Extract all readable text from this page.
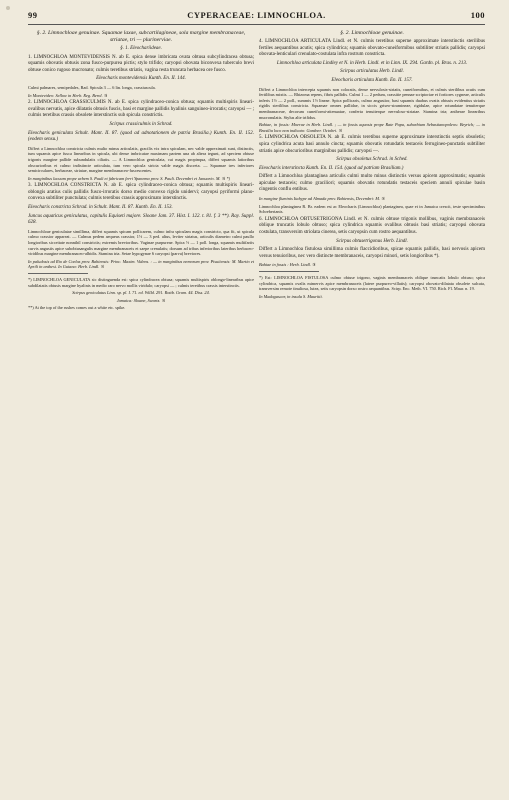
99	CYPERACEAE: LIMNOCHLOA.	100

§. 2. Limnochloae genuinae. Squamae laxae, subcartilagineae, sola margine membranaceae, striatae, tri — plurinerviae.

§. 1. Eleochariideae.

1. LIMNOCHLOA MONTEVIDENSIS N. ab E. spica dense imbricata ovata obtusa subcylindracea obtusa; squamis obovatis obtusis zona fusco-purpurea pictis; stylo trifido; caryopsi obovata biconvexa tuberculo brevi obtuse conico rugoso mucronato; culmis teretibus striatis, vagina resta truncata herbacea ore fusco.

Eleocharis montevidensis Kunth. En. II. 144.

Culmi palmares, semipedales, Rad. Spicula 3 — 6 lin. longa, crassiuscula.

In Montevideo: Sellow in Herb. Reg. Berol. ♃

2. LIMNOCHLOA CRASSICULMIS N. ab E. spica cylindraceo-conica obtusa; squamis multispiris lineari-ovalibus nervatis, apice dilatatis obtusis fuscis, basi et margine pallidis hyalinis sanguineo-irroratis; caryopsi — ; culmis teretibus crassis obsolete interstinctis sub spicula constrictis.

Scirpus crassiculmis in Schrad.

Eleocharis geniculata Schult. Mant. II. 87. (quod ad adnotationem de patria Brasilia.) Kunth. En. II. 152. (eodem sensu.)

Differt a Limnochloa constricta culmis multo minus articulatis, gracilis vix intra spiculam, nec valde appreximati sunt, distinctis, tum squamis apice fusca linearibus in spicula, ubi dense imbricatae maximam partem una ab altera tegunt, ad speciem obtuse trigonis margine pallide subundulatis ciliatis. — A Limnochloa geniculata, cui magis propinqua, differt squamis latioribus obscurioribus et culmo indistincte articulata, tum vero spicula stricta valde magis discreta. — Squamae tres inferiores semicirculares, herbaceae, striatae, margine membranaceo-fuscescentes.

In marginibus lacuum prope urbem S. Pauli et fabricam ferri Ypanema prov. S. Pauli. Decembri et Januario. M. ♃ *)

3. LIMNOCHLOA CONSTRICTA N. ab E. spica cylindraceo-conica obtusa; squamis multispiris lineari-oblongis aratius culis pallidis fusco-irroratis dorso medio convexo rigido unidervi; caryopsi pyriformi plano-convexa subtiliter punctulata; culmis teretibus crassis approximato interstinctis.

Eleocharis constricta Schrad. in Schult. Mant. II. 87. Kunth. En. II. 153.

Juncus aquaticus geniculatus, capitulis Equiseti majore. Sloane Jam. 37. Hist. I. 122. t. 81. f. 3 **). Ray. Suppl. 628.

Limnochloae geniculatae simillima, differt squamis spicam pollicarem, culmo infra spiculam magis constricto, qua fit, ut spicula culmo crassior appareat. — Culmus pedem aequeus crassior, 1½ — 3 ped. altus, leviter striatus, articulis diametro culmi paullo longioribus sicceitate nonnihil constrictis; extremis brevioribus. Vaginae purpureae. Spica ½ — 1 poll. longa, squamis multifariis curvis angustis apice subobtusangulis margine membranaceis et saepe crenulatis; dorsum ad tribus inferioribus lateribus herbaceo-viridibus margine membranaceo-albidis. Stamina tria. Setae hypogynae 6 caryopsi (parva) breviores.

In paludosis ad Rio de Coelas prov. Bahiensis: Princ. Maxim. Videns. : — in marginibus nemorum prov. Pisuiiensis: M. Martio et Aprili in anthesi. In Guiana: Herb. Lindl. ♃

*) LIMNOCHLOA GENICULATA sic distinguenda est: spica cylindracea obtusa; squamis multispiris oblongo-linearibus apice subdilatatis obtusis margine hyalinis in medio raro nervo mollis viridulo; caryopsi — ; culmis teretibus crassis interstinctis.

Scirpus geniculatus Linn. sp. pl. I. 71. ed. Willd. 291. Rottb. Gram. 44. Diss. 24.

Jamaica: Sloane, Swartz. ♃

**) At the top of the rushes comes out a white etc. spike.

§. 2. Limnochloae genuinae.

4. LIMNOCHLOA ARTICULATA Lindl. et N. culmis teretibus superne approximate interstinctis sterilibus fertiles aequantibus acutis; spica cylindrica; squamis obovato-cuneiformibus subtiliter striatis pallidis; caryopsi obovata-lenticulari crenulato-costulata infra rostrum constricta.

Limnochloa articulata Lindley et N. in Herb. Lindl. et in Linn. IX. 294. Gardn. pl. Bras. n. 213.

Scirpus articulatus Herb. Lindl.

Eleocharis articulata Kunth. En. II. 157.

Differt a Limnochloa intercepta squamis non coloratis, dense nervulosis-striatis, cuneiformibus, et culmis sterilibus acutis cum fertilibus mixtis. — Rhizoma repens, fibris pallidis. Culmi 1 — 2 pedum, crassitie pennae scriptoriae et fortiores cygneae, articulis inferis 1½ — 2 poll., summis 1½ lineae. Spica pollicaris, culmo angustior, basi squamis duabus ovatis obtusis evidentius striatis rigidis sterilibus constricta. Squamae omnes pallidae, in siccis griseo-stramineae, rigidulae, apice rotundatae tenuiterque membranaceae, decorum cuneiformi-attenuatae, conferta tenuiterque nervuloso-striatae. Stamina tria; antherae linearibus mucronulatis. Stylus alte trifidus.

Bahiae, in fossis: Moerae in Herb. Lindl. ; — in fossis aquosis prope Rate Papa, suburbium Sebastianopoleos: Beyrich; — in Brasilia loco non indicato: Gardner. Octobri. ♃

5. LIMNOCHLOA OBSOLETA N. ab E. culmis teretibus superne approximate interstinctis septis obsoletis; spica cylindrica acuta basi annulo cincta; squamis obovatis rotundatis testaceis ferrugineo-punctatis subtiliter striatis apice obscurioribus marginibus pallidis; caryopsi —.

Scirpus obsoletus Schrad. in Sched.

Eleocharis interstincta Kunth. En. II. 154. (quod ad patriam Brasiliam.)

Differt a Limnochloa plantaginea articulis culmi multo minus distinctis versus apicem approximatis; squamis apiculae testaceis; culmo graciliori; squamis obovatis rotundatis testaceis speciem annuli spiculae basin cingentis conflu entibus.

In margine fluminis Itabype ad Almada prov. Bahiensis, Decembri: M. ♃

Limnochloa plantaginea R. Br. eadem est ac Eleocharis (Limnochloa) plantaginea, quae et in Jamaica crescit, teste speciminibus Schreberianis.

6. LIMNOCHLOA OBTUSETRIGONA Lindl. et N. culmis obtuse trigonis mollibus, vaginis membranaceis oblique truncatis lobulo obtuso; spica cylindrica squamis ovalibus obtusis basi striatis; caryopsi obovata costulata, transversim striolata cinerea, setis caryopsin cum rostro aequantibus.

Scirpus obtusetrigonus Herb. Lindl.

Differt a Limnochloa fistulosa simillima culmis flaccidioribus, spicae squamis pallidis, basi nervosis apicem versus tenuioribus, nec vero distincte membranaceis, caryopsi minori, setis longioribus *).

Bahiae in fossis : Herb. Lindl. ♃

*) Est: LIMNOCHLOA FISTULOSA culmo obtuse trigono, vaginis membranaceis oblique truncatis lobulo obtuso; spica cylindrica, squamis ovalis mimervis apice membranaceis (latere purpureo-villatis); caryopsi obovato-dilatata obsolete sulcata, transversim remote tinuliosa, lutea, setis caryopsin dorso rostro aequantibus. Scirp. Enc. Meth. VI. 750. Rich. Fl. Maur. n. 19.

In Madagascar, in insula S. Mauritii.
